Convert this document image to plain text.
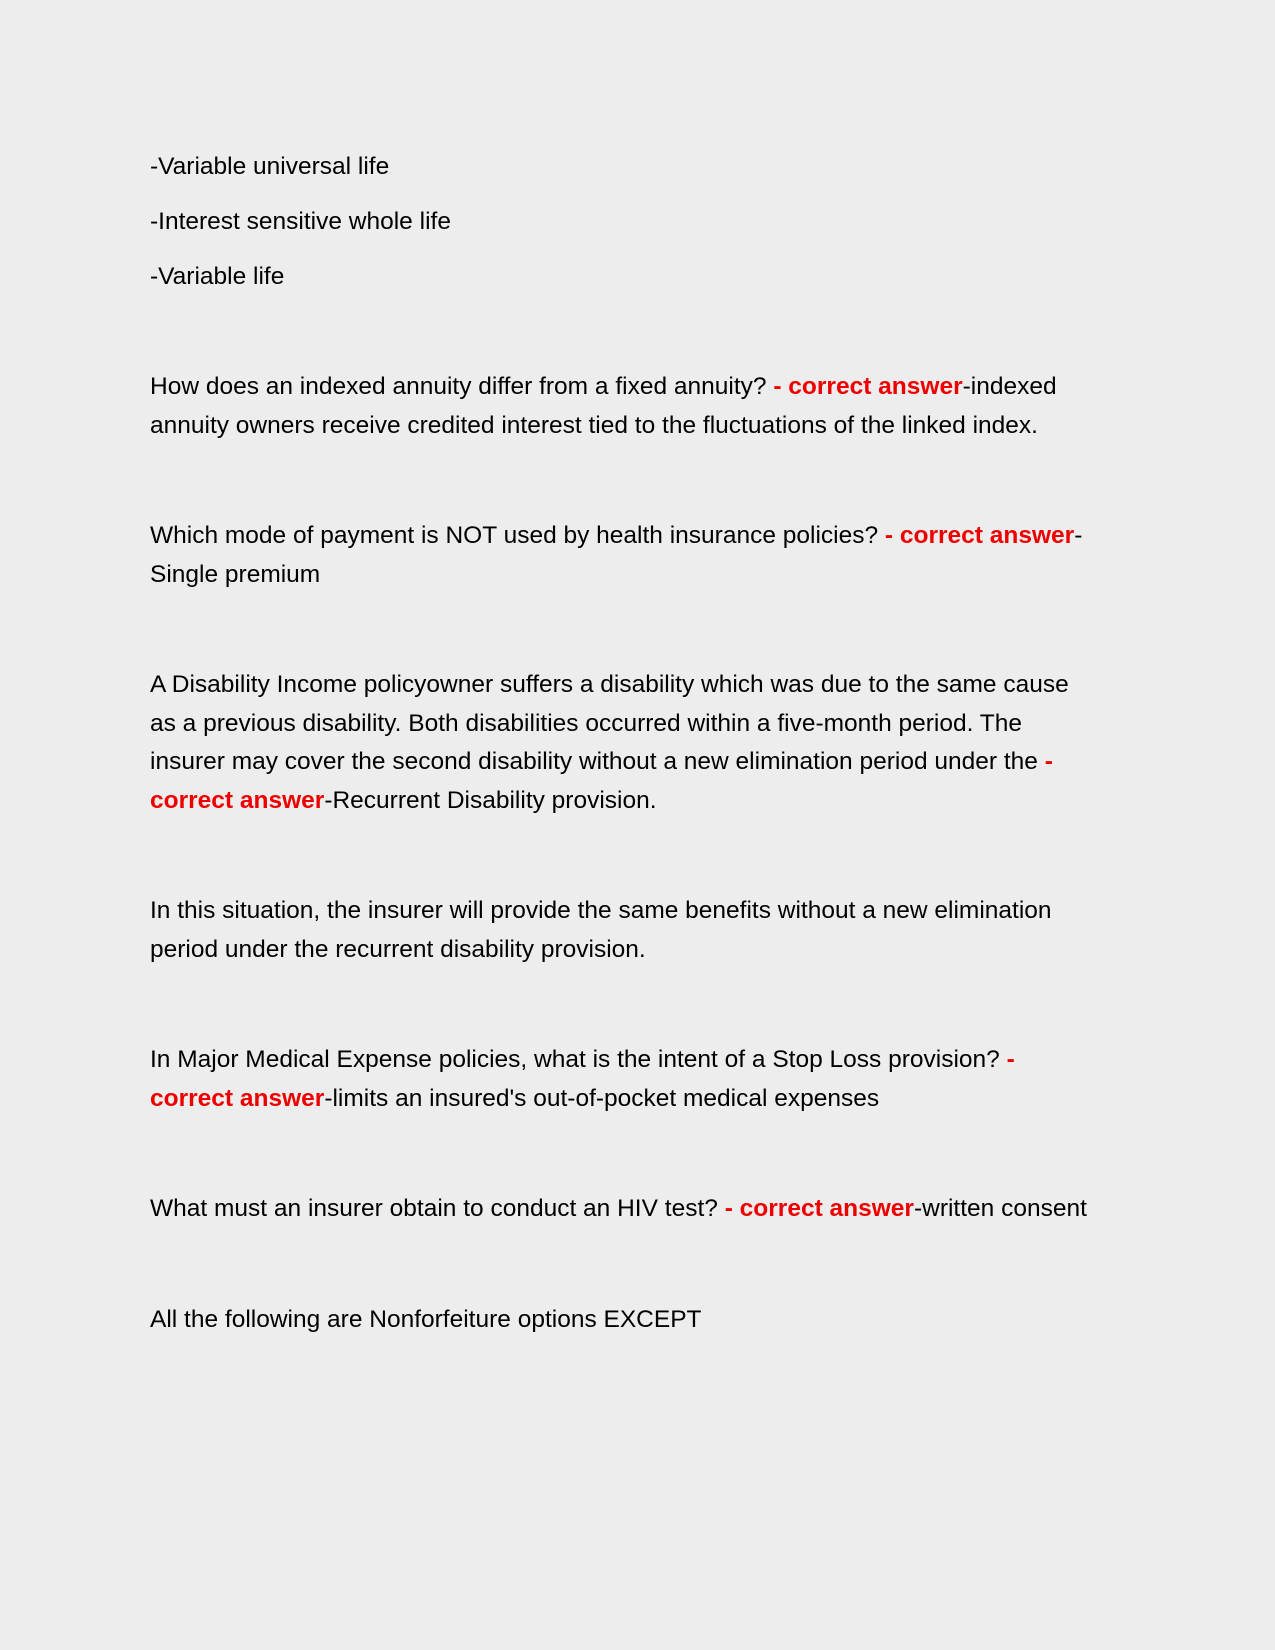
-Variable universal life

-Interest sensitive whole life

-Variable life

How does an indexed annuity differ from a fixed annuity? - correct answer-indexed annuity owners receive credited interest tied to the fluctuations of the linked index.

Which mode of payment is NOT used by health insurance policies? - correct answer-Single premium

A Disability Income policyowner suffers a disability which was due to the same cause as a previous disability. Both disabilities occurred within a five-month period. The insurer may cover the second disability without a new elimination period under the - correct answer-Recurrent Disability provision.

In this situation, the insurer will provide the same benefits without a new elimination period under the recurrent disability provision.

In Major Medical Expense policies, what is the intent of a Stop Loss provision? - correct answer-limits an insured's out-of-pocket medical expenses

What must an insurer obtain to conduct an HIV test? - correct answer-written consent

All the following are Nonforfeiture options EXCEPT
